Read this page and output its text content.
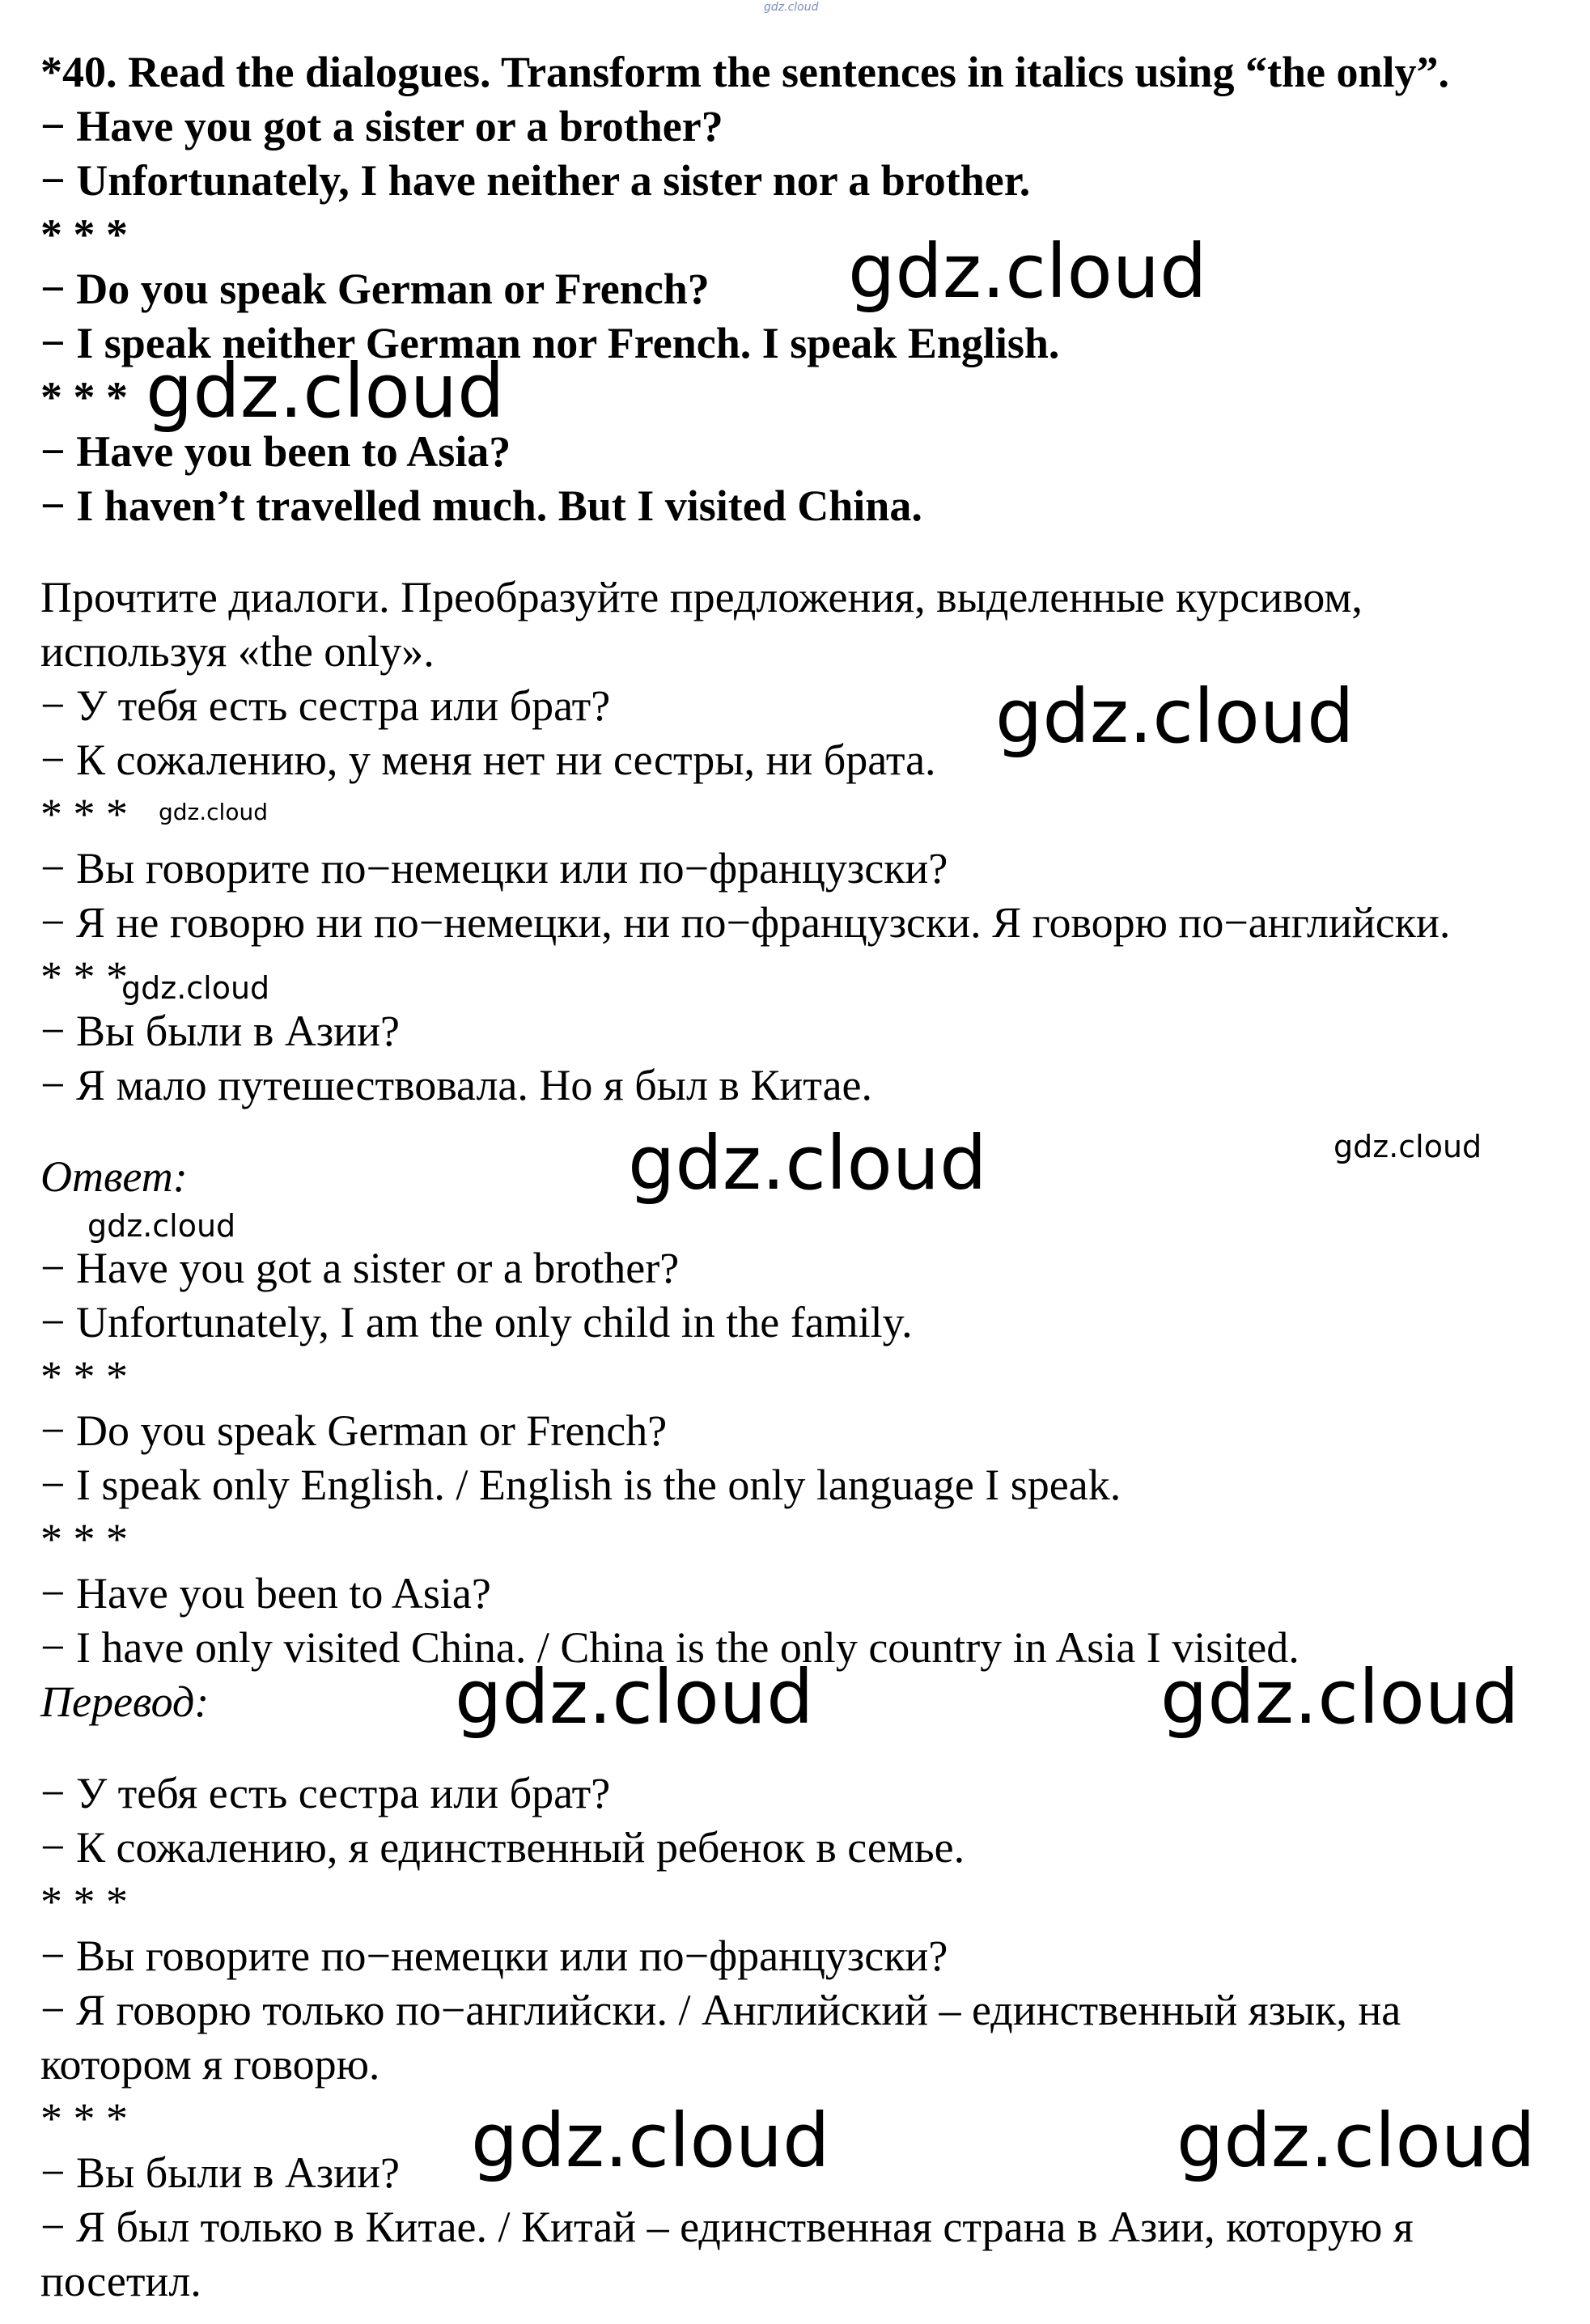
*40. Read the dialogues. Transform the sentences in italics using “the only”.
− Have you got a sister or a brother?
− Unfortunately, I have neither a sister nor a brother.
* * *
− Do you speak German or French?
− I speak neither German nor French. I speak English.
* * *
− Have you been to Asia?
− I haven’t travelled much. But I visited China.
Прочтите диалоги. Преобразуйте предложения, выделенные курсивом,
используя «the only».
− У тебя есть сестра или брат?
− К сожалению, у меня нет ни сестры, ни брата.
* * *
− Вы говорите по−немецки или по−французски?
− Я не говорю ни по−немецки, ни по−французски. Я говорю по−английски.
* * *
− Вы были в Азии?
− Я мало путешествовала. Но я был в Китае.
Ответ:
− Have you got a sister or a brother?
− Unfortunately, I am the only child in the family.
* * *
− Do you speak German or French?
− I speak only English. / English is the only language I speak.
* * *
− Have you been to Asia?
− I have only visited China. / China is the only country in Asia I visited.
Перевод:
− У тебя есть сестра или брат?
− К сожалению, я единственный ребенок в семье.
* * *
− Вы говорите по−немецки или по−французски?
− Я говорю только по−английски. / Английский – единственный язык, на
котором я говорю.
* * *
− Вы были в Азии?
− Я был только в Китае. / Китай – единственная страна в Азии, которую я
посетил.
gdz.cloud
gdz.cloud
gdz.cloud
gdz.cloud
gdz.cloud
gdz.cloud
gdz.cloud	gdz.cloud
gdz.cloud
gdz.cloud	gdz.cloud
gdz.cloud	gdz.cloud
